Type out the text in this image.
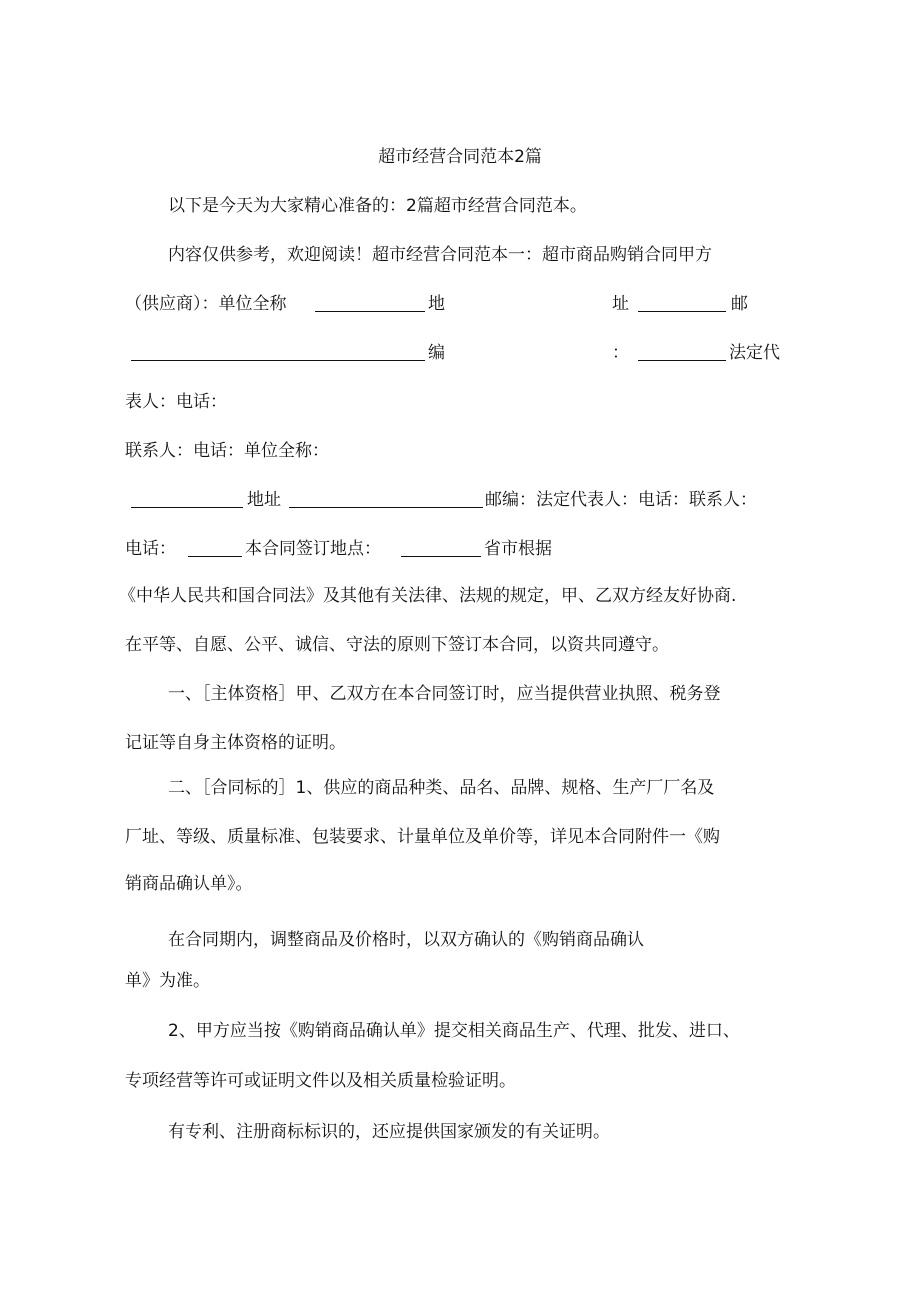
超市经营合同范本2篇

以下是今天为大家精心准备的：2篇超市经营合同范本。

内容仅供参考，欢迎阅读！超市经营合同范本一：超市商品购销合同甲方

（供应商）：单位全称	地	址	邮

编	：	法定代

表人：电话：

联系人：电话：单位全称：

地址	邮编：法定代表人：电话：联系人：

电话：	本合同签订地点：	省市根据

《中华人民共和国合同法》及其他有关法律、法规的规定，甲、乙双方经友好协商.

在平等、自愿、公平、诚信、守法的原则下签订本合同，以资共同遵守。

一、［主体资格］甲、乙双方在本合同签订时，应当提供营业执照、税务登

记证等自身主体资格的证明。

二、［合同标的］1、供应的商品种类、品名、品牌、规格、生产厂厂名及

厂址、等级、质量标准、包装要求、计量单位及单价等，详见本合同附件一《购

销商品确认单》。

在合同期内，调整商品及价格时，以双方确认的《购销商品确认

单》为准。

2、甲方应当按《购销商品确认单》提交相关商品生产、代理、批发、进口、

专项经营等许可或证明文件以及相关质量检验证明。

有专利、注册商标标识的，还应提供国家颁发的有关证明。
